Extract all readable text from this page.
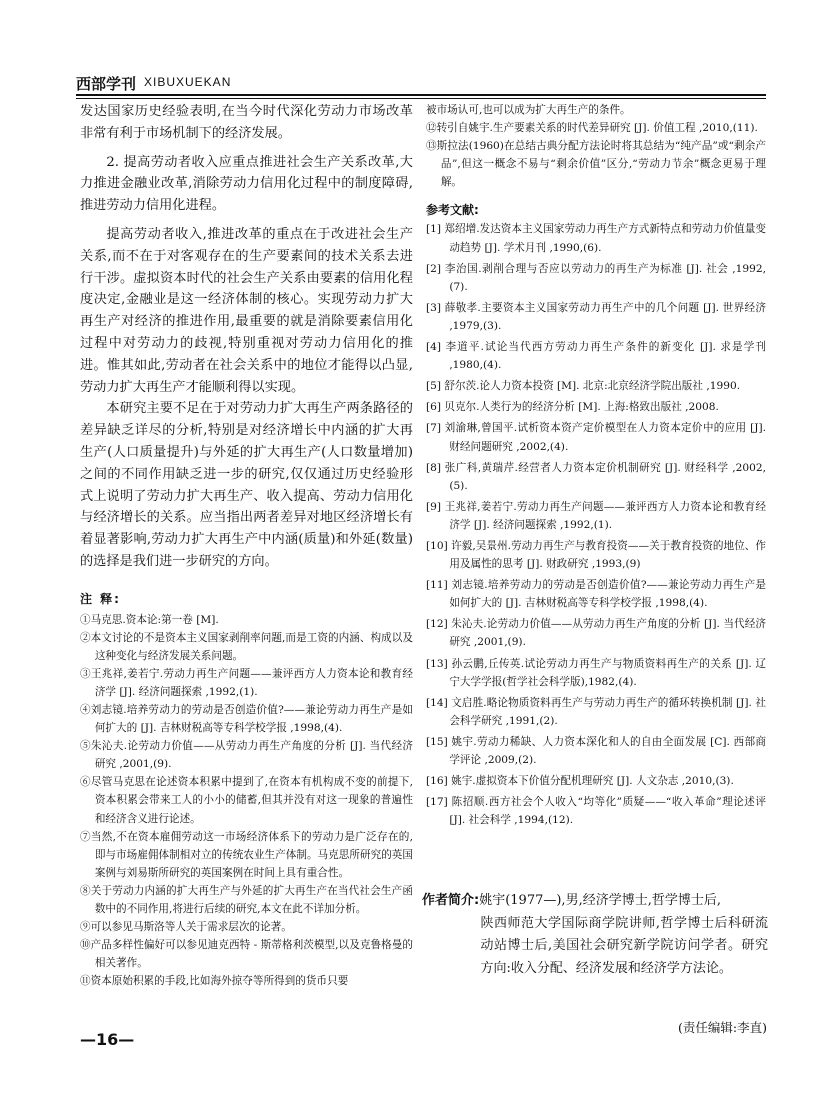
西部学刊 XIBUXUEKAN

发达国家历史经验表明,在当今时代深化劳动力市场改革非常有利于市场机制下的经济发展。

2. 提高劳动者收入应重点推进社会生产关系改革,大力推进金融业改革,消除劳动力信用化过程中的制度障碍,推进劳动力信用化进程。

提高劳动者收入,推进改革的重点在于改进社会生产关系,而不在于对客观存在的生产要素间的技术关系去进行干涉。虚拟资本时代的社会生产关系由要素的信用化程度决定,金融业是这一经济体制的核心。实现劳动力扩大再生产对经济的推进作用,最重要的就是消除要素信用化过程中对劳动力的歧视,特别重视对劳动力信用化的推进。惟其如此,劳动者在社会关系中的地位才能得以凸显,劳动力扩大再生产才能顺利得以实现。

本研究主要不足在于对劳动力扩大再生产两条路径的差异缺乏详尽的分析,特别是对经济增长中内涵的扩大再生产(人口质量提升)与外延的扩大再生产(人口数量增加)之间的不同作用缺乏进一步的研究,仅仅通过历史经验形式上说明了劳动力扩大再生产、收入提高、劳动力信用化与经济增长的关系。应当指出两者差异对地区经济增长有着显著影响,劳动力扩大再生产中内涵(质量)和外延(数量)的选择是我们进一步研究的方向。

注 释:
①马克思.资本论:第一卷 [M].
②本文讨论的不是资本主义国家剥削率问题,而是工资的内涵、构成以及这种变化与经济发展关系问题。
③王兆祥,姜若宁.劳动力再生产问题——兼评西方人力资本论和教育经济学 [J]. 经济问题探索 ,1992,(1).
④刘志镜.培养劳动力的劳动是否创造价值?——兼论劳动力再生产是如何扩大的 [J]. 吉林财税高等专科学校学报 ,1998,(4).
⑤朱沁夫.论劳动力价值——从劳动力再生产角度的分析 [J]. 当代经济研究 ,2001,(9).
⑥尽管马克思在论述资本积累中提到了,在资本有机构成不变的前提下,资本积累会带来工人的小小的储蓄,但其并没有对这一现象的普遍性和经济含义进行论述。
⑦当然,不在资本雇佣劳动这一市场经济体系下的劳动力是广泛存在的,即与市场雇佣体制相对立的传统农业生产体制。马克思所研究的英国案例与刘易斯所研究的英国案例在时间上具有重合性。
⑧关于劳动力内涵的扩大再生产与外延的扩大再生产在当代社会生产函数中的不同作用,将进行后续的研究,本文在此不详加分析。
⑨可以参见马斯洛等人关于需求层次的论著。
⑩产品多样性偏好可以参见迪克西特 - 斯蒂格利茨模型,以及克鲁格曼的相关著作。
⑪资本原始积累的手段,比如海外掠夺等所得到的货币只要
被市场认可,也可以成为扩大再生产的条件。
⑫转引自姚宇.生产要素关系的时代差异研究 [J]. 价值工程 ,2010,(11).
⑬斯拉法(1960)在总结古典分配方法论时将其总结为“纯产品”或“剩余产品”,但这一概念不易与“剩余价值”区分,“劳动力节余”概念更易于理解。
参考文献:
[1] 郑绍增.发达资本主义国家劳动力再生产方式新特点和劳动力价值量变动趋势 [J]. 学术月刊 ,1990,(6).
[2] 李治国.剥削合理与否应以劳动力的再生产为标准 [J]. 社会 ,1992,(7).
[3] 薛敬孝.主要资本主义国家劳动力再生产中的几个问题 [J]. 世界经济 ,1979,(3).
[4] 李道平.试论当代西方劳动力再生产条件的新变化 [J]. 求是学刊 ,1980,(4).
[5] 舒尔茨.论人力资本投资 [M]. 北京:北京经济学院出版社 ,1990.
[6] 贝克尔.人类行为的经济分析 [M]. 上海:格致出版社 ,2008.
[7] 刘渝琳,曾国平.试析资本资产定价模型在人力资本定价中的应用 [J]. 财经问题研究 ,2002,(4).
[8] 张广科,黄瑞芹.经营者人力资本定价机制研究 [J]. 财经科学 ,2002,(5).
[9] 王兆祥,姜若宁.劳动力再生产问题——兼评西方人力资本论和教育经济学 [J]. 经济问题探索 ,1992,(1).
[10] 许毅,吴景州.劳动力再生产与教育投资——关于教育投资的地位、作用及属性的思考 [J]. 财政研究 ,1993,(9)
[11] 刘志镜.培养劳动力的劳动是否创造价值?——兼论劳动力再生产是如何扩大的 [J]. 吉林财税高等专科学校学报 ,1998,(4).
[12] 朱沁夫.论劳动力价值——从劳动力再生产角度的分析 [J]. 当代经济研究 ,2001,(9).
[13] 孙云鹏,丘传英.试论劳动力再生产与物质资料再生产的关系 [J]. 辽宁大学学报(哲学社会科学版),1982,(4).
[14] 文启胜.略论物质资料再生产与劳动力再生产的循环转换机制 [J]. 社会科学研究 ,1991,(2).
[15] 姚宇.劳动力稀缺、人力资本深化和人的自由全面发展 [C]. 西部商学评论 ,2009,(2).
[16] 姚宇.虚拟资本下价值分配机理研究 [J]. 人文杂志 ,2010,(3).
[17] 陈招顺.西方社会个人收入“均等化”质疑——“收入革命”理论述评 [J]. 社会科学 ,1994,(12).
作者简介:姚宇(1977—),男,经济学博士,哲学博士后,
陕西师范大学国际商学院讲师,哲学博士后科研流动站博士后,美国社会研究新学院访问学者。研究方向:收入分配、经济发展和经济学方法论。
(责任编辑:李直)
—16—
